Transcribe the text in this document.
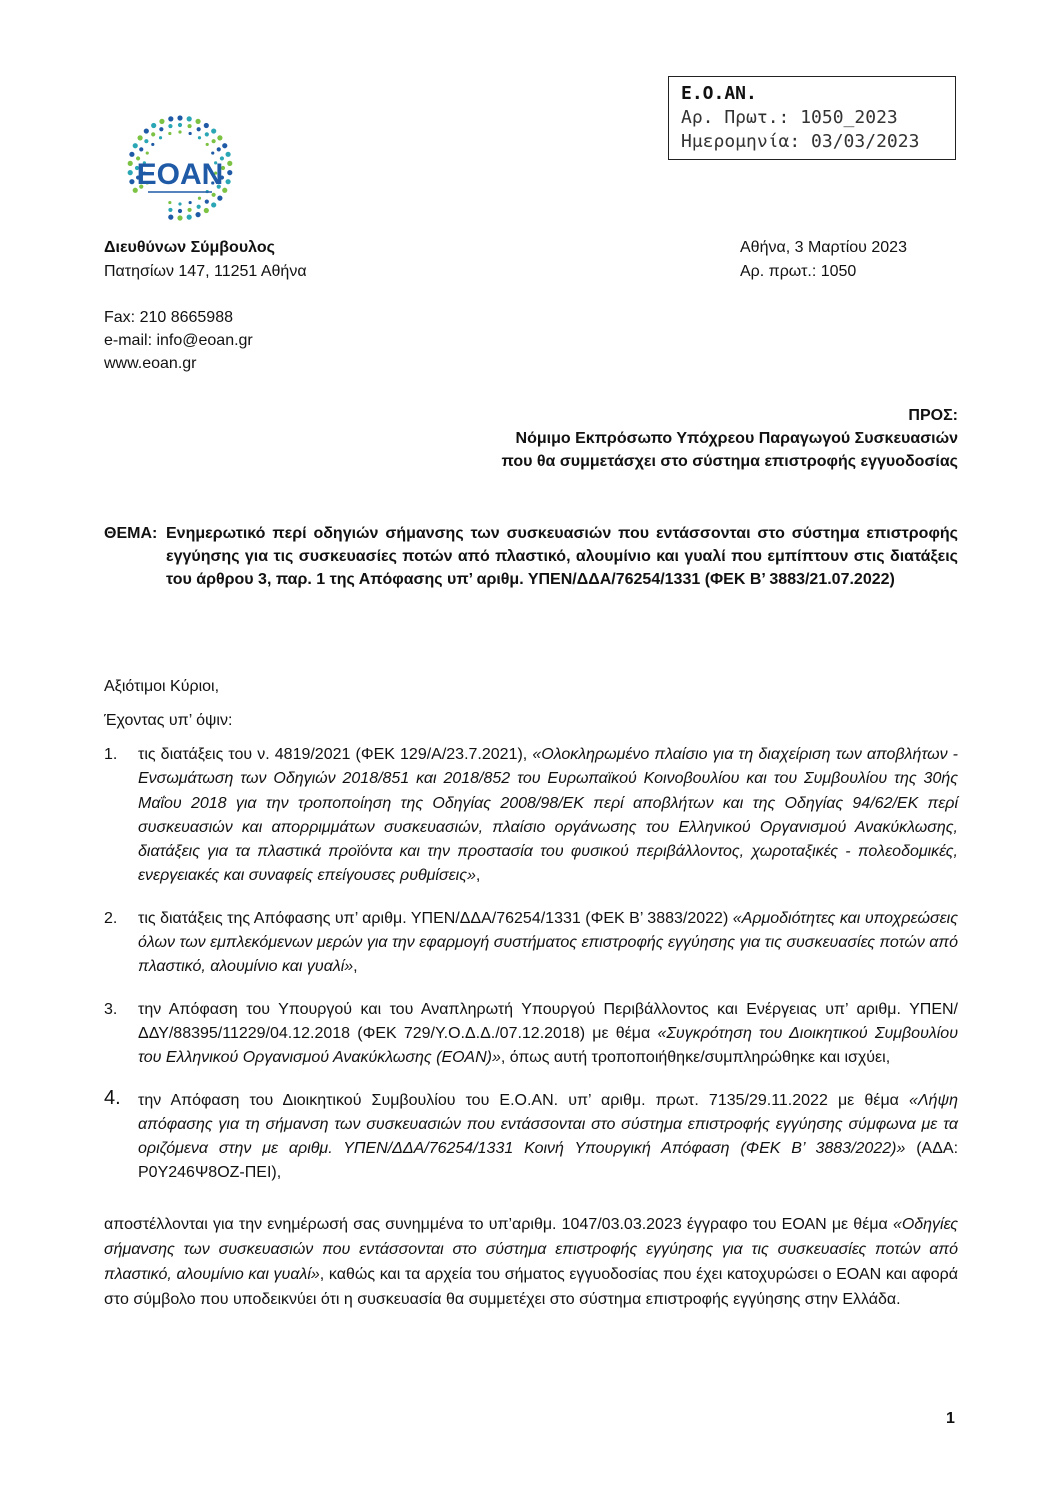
Ε.Ο.ΑΝ.
Αρ. Πρωτ.: 1050_2023
Ημερομηνία: 03/03/2023
EOAN
Διευθύνων Σύμβουλος
Πατησίων 147, 11251 Αθήνα
Fax: 210 8665988
e-mail: info@eoan.gr
www.eoan.gr
Αθήνα, 3 Μαρτίου 2023
Αρ. πρωτ.: 1050
ΠΡΟΣ:
Νόμιμο Εκπρόσωπο Υπόχρεου Παραγωγού Συσκευασιών
που θα συμμετάσχει στο σύστημα επιστροφής εγγυοδοσίας
ΘΕΜΑ: Ενημερωτικό περί οδηγιών σήμανσης των συσκευασιών που εντάσσονται στο σύστημα επιστροφής εγγύησης για τις συσκευασίες ποτών από πλαστικό, αλουμίνιο και γυαλί που εμπίπτουν στις διατάξεις του άρθρου 3, παρ. 1 της Απόφασης υπ’ αριθμ. ΥΠΕΝ/ΔΔΑ/76254/1331 (ΦΕΚ Β’ 3883/21.07.2022)
Αξιότιμοι Κύριοι,
Έχοντας υπ’ όψιν:
1. τις διατάξεις του ν. 4819/2021 (ΦΕΚ 129/Α/23.7.2021), «Ολοκληρωμένο πλαίσιο για τη διαχείριση των αποβλήτων - Ενσωμάτωση των Οδηγιών 2018/851 και 2018/852 του Ευρωπαϊκού Κοινοβουλίου και του Συμβουλίου της 30ής Μαΐου 2018 για την τροποποίηση της Οδηγίας 2008/98/ΕΚ περί αποβλήτων και της Οδηγίας 94/62/ΕΚ περί συσκευασιών και απορριμμάτων συσκευασιών, πλαίσιο οργάνωσης του Ελληνικού Οργανισμού Ανακύκλωσης, διατάξεις για τα πλαστικά προϊόντα και την προστασία του φυσικού περιβάλλοντος, χωροταξικές - πολεοδομικές, ενεργειακές και συναφείς επείγουσες ρυθμίσεις»,
2. τις διατάξεις της Απόφασης υπ’ αριθμ. ΥΠΕΝ/ΔΔΑ/76254/1331 (ΦΕΚ Β’ 3883/2022) «Αρμοδιότητες και υποχρεώσεις όλων των εμπλεκόμενων μερών για την εφαρμογή συστήματος επιστροφής εγγύησης για τις συσκευασίες ποτών από πλαστικό, αλουμίνιο και γυαλί»,
3. την Απόφαση του Υπουργού και του Αναπληρωτή Υπουργού Περιβάλλοντος και Ενέργειας υπ’ αριθμ. ΥΠΕΝ/ΔΔΥ/88395/11229/04.12.2018 (ΦΕΚ 729/Υ.Ο.Δ.Δ./07.12.2018) με θέμα «Συγκρότηση του Διοικητικού Συμβουλίου του Ελληνικού Οργανισμού Ανακύκλωσης (ΕΟΑΝ)», όπως αυτή τροποποιήθηκε/συμπληρώθηκε και ισχύει,
4. την Απόφαση του Διοικητικού Συμβουλίου του Ε.Ο.ΑΝ. υπ’ αριθμ. πρωτ. 7135/29.11.2022 με θέμα «Λήψη απόφασης για τη σήμανση των συσκευασιών που εντάσσονται στο σύστημα επιστροφής εγγύησης σύμφωνα με τα οριζόμενα στην με αριθμ. ΥΠΕΝ/ΔΔΑ/76254/1331 Κοινή Υπουργική Απόφαση (ΦΕΚ Β’ 3883/2022)» (ΑΔΑ: Ρ0Υ246Ψ8ΟΖ-ΠΕΙ),
αποστέλλονται για την ενημέρωσή σας συνημμένα το υπ’αριθμ. 1047/03.03.2023 έγγραφο του ΕΟΑΝ με θέμα «Οδηγίες σήμανσης των συσκευασιών που εντάσσονται στο σύστημα επιστροφής εγγύησης για τις συσκευασίες ποτών από πλαστικό, αλουμίνιο και γυαλί», καθώς και τα αρχεία του σήματος εγγυοδοσίας που έχει κατοχυρώσει ο ΕΟΑΝ και αφορά στο σύμβολο που υποδεικνύει ότι η συσκευασία θα συμμετέχει στο σύστημα επιστροφής εγγύησης στην Ελλάδα.
1
